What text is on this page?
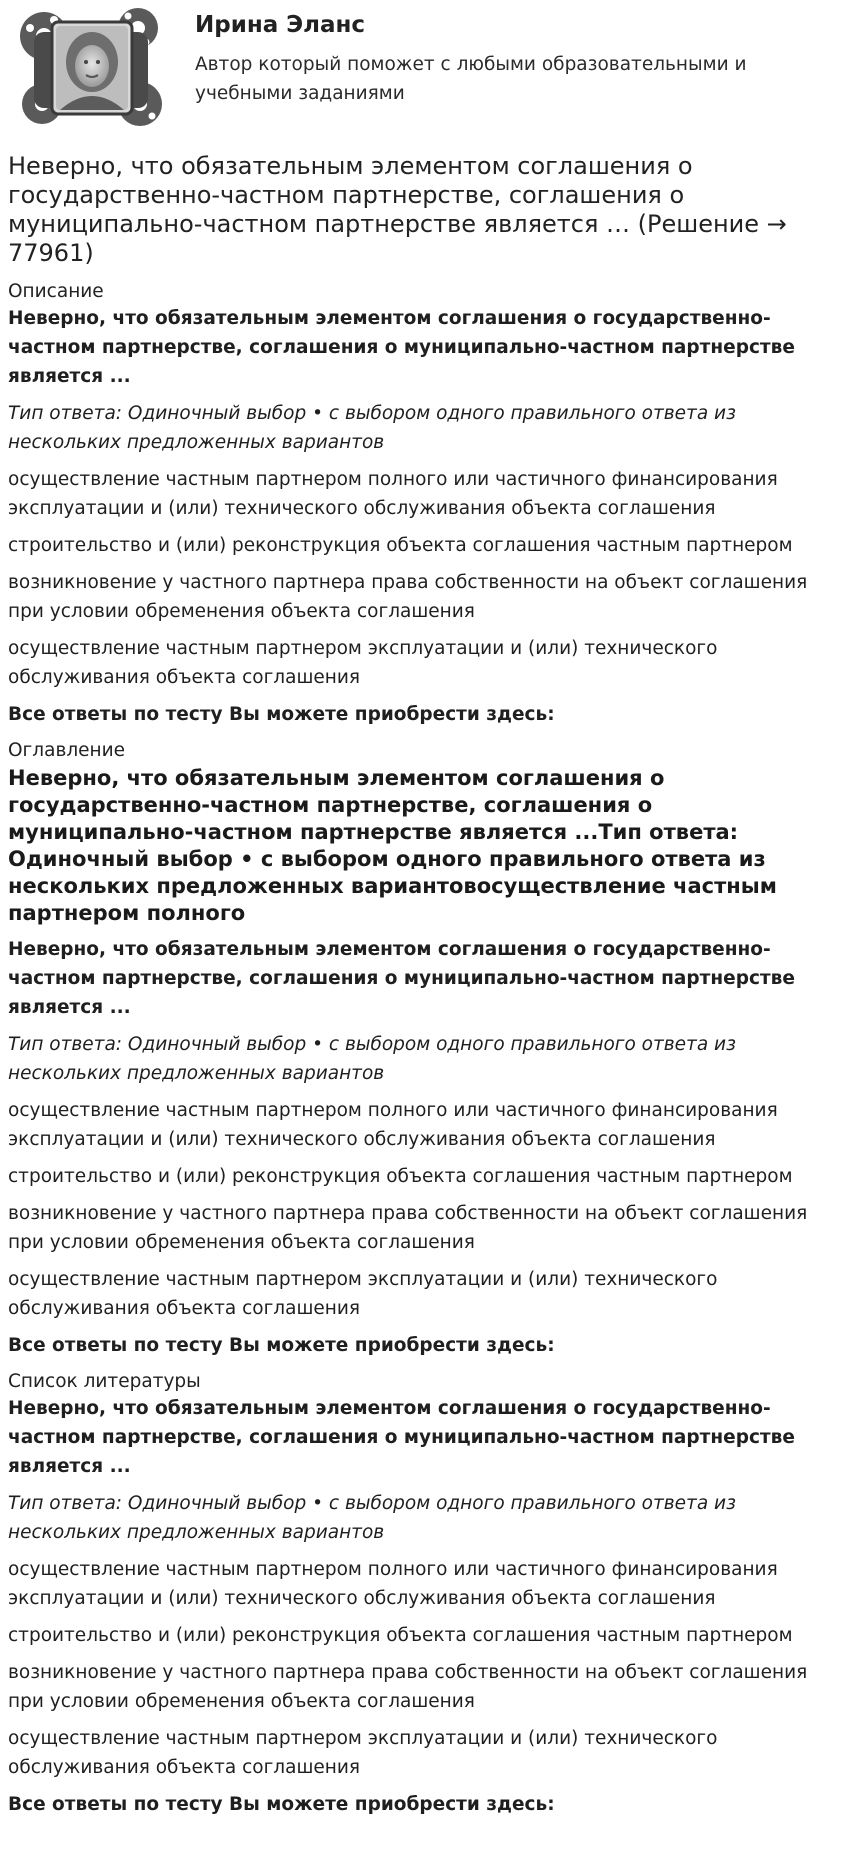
Ирина Эланс

Автор который поможет с любыми образовательными и учебными заданиями

Неверно, что обязательным элементом соглашения о государственно-частном партнерстве, соглашения о муниципально-частном партнерстве является … (Решение → 77961)

Описание

Неверно, что обязательным элементом соглашения о государственно-частном партнерстве, соглашения о муниципально-частном партнерстве является ...

Тип ответа: Одиночный выбор • с выбором одного правильного ответа из нескольких предложенных вариантов

осуществление частным партнером полного или частичного финансирования эксплуатации и (или) технического обслуживания объекта соглашения

строительство и (или) реконструкция объекта соглашения частным партнером

возникновение у частного партнера права собственности на объект соглашения при условии обременения объекта соглашения

осуществление частным партнером эксплуатации и (или) технического обслуживания объекта соглашения

Все ответы по тесту Вы можете приобрести здесь:

Оглавление

Неверно, что обязательным элементом соглашения о государственно-частном партнерстве, соглашения о муниципально-частном партнерстве является ...Тип ответа: Одиночный выбор • с выбором одного правильного ответа из нескольких предложенных вариантовосуществление частным партнером полного

Неверно, что обязательным элементом соглашения о государственно-частном партнерстве, соглашения о муниципально-частном партнерстве является ...

Тип ответа: Одиночный выбор • с выбором одного правильного ответа из нескольких предложенных вариантов

осуществление частным партнером полного или частичного финансирования эксплуатации и (или) технического обслуживания объекта соглашения

строительство и (или) реконструкция объекта соглашения частным партнером

возникновение у частного партнера права собственности на объект соглашения при условии обременения объекта соглашения

осуществление частным партнером эксплуатации и (или) технического обслуживания объекта соглашения

Все ответы по тесту Вы можете приобрести здесь:

Список литературы

Неверно, что обязательным элементом соглашения о государственно-частном партнерстве, соглашения о муниципально-частном партнерстве является ...

Тип ответа: Одиночный выбор • с выбором одного правильного ответа из нескольких предложенных вариантов

осуществление частным партнером полного или частичного финансирования эксплуатации и (или) технического обслуживания объекта соглашения

строительство и (или) реконструкция объекта соглашения частным партнером

возникновение у частного партнера права собственности на объект соглашения при условии обременения объекта соглашения

осуществление частным партнером эксплуатации и (или) технического обслуживания объекта соглашения

Все ответы по тесту Вы можете приобрести здесь:
